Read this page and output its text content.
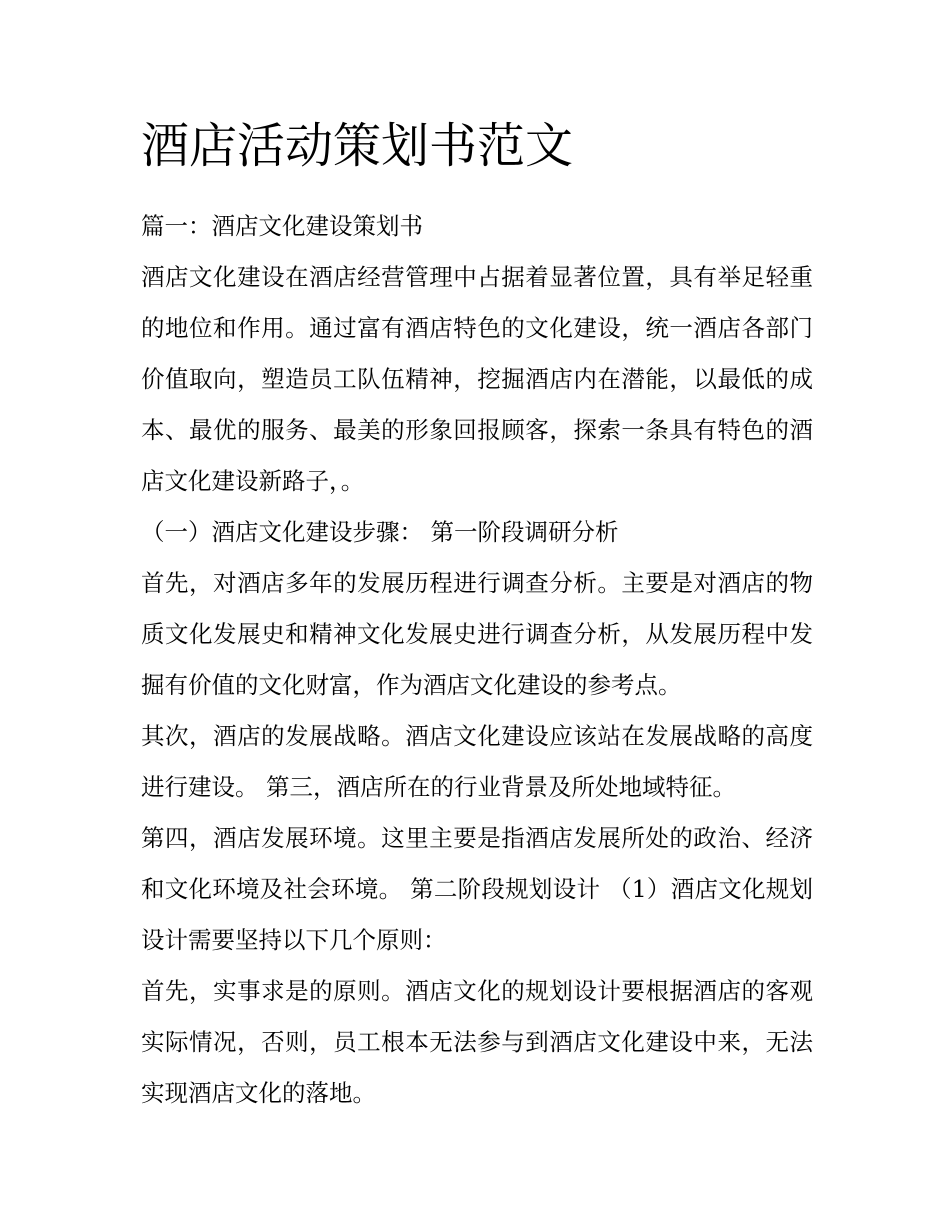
酒店活动策划书范文

篇一：酒店文化建设策划书

酒店文化建设在酒店经营管理中占据着显著位置，具有举足轻重的地位和作用。通过富有酒店特色的文化建设，统一酒店各部门价值取向，塑造员工队伍精神，挖掘酒店内在潜能，以最低的成本、最优的服务、最美的形象回报顾客，探索一条具有特色的酒店文化建设新路子，。

（一）酒店文化建设步骤： 第一阶段调研分析

首先，对酒店多年的发展历程进行调查分析。主要是对酒店的物质文化发展史和精神文化发展史进行调查分析，从发展历程中发掘有价值的文化财富，作为酒店文化建设的参考点。

其次，酒店的发展战略。酒店文化建设应该站在发展战略的高度进行建设。 第三，酒店所在的行业背景及所处地域特征。

第四，酒店发展环境。这里主要是指酒店发展所处的政治、经济和文化环境及社会环境。 第二阶段规划设计 （1）酒店文化规划设计需要坚持以下几个原则：

首先，实事求是的原则。酒店文化的规划设计要根据酒店的客观实际情况，否则，员工根本无法参与到酒店文化建设中来，无法实现酒店文化的落地。
